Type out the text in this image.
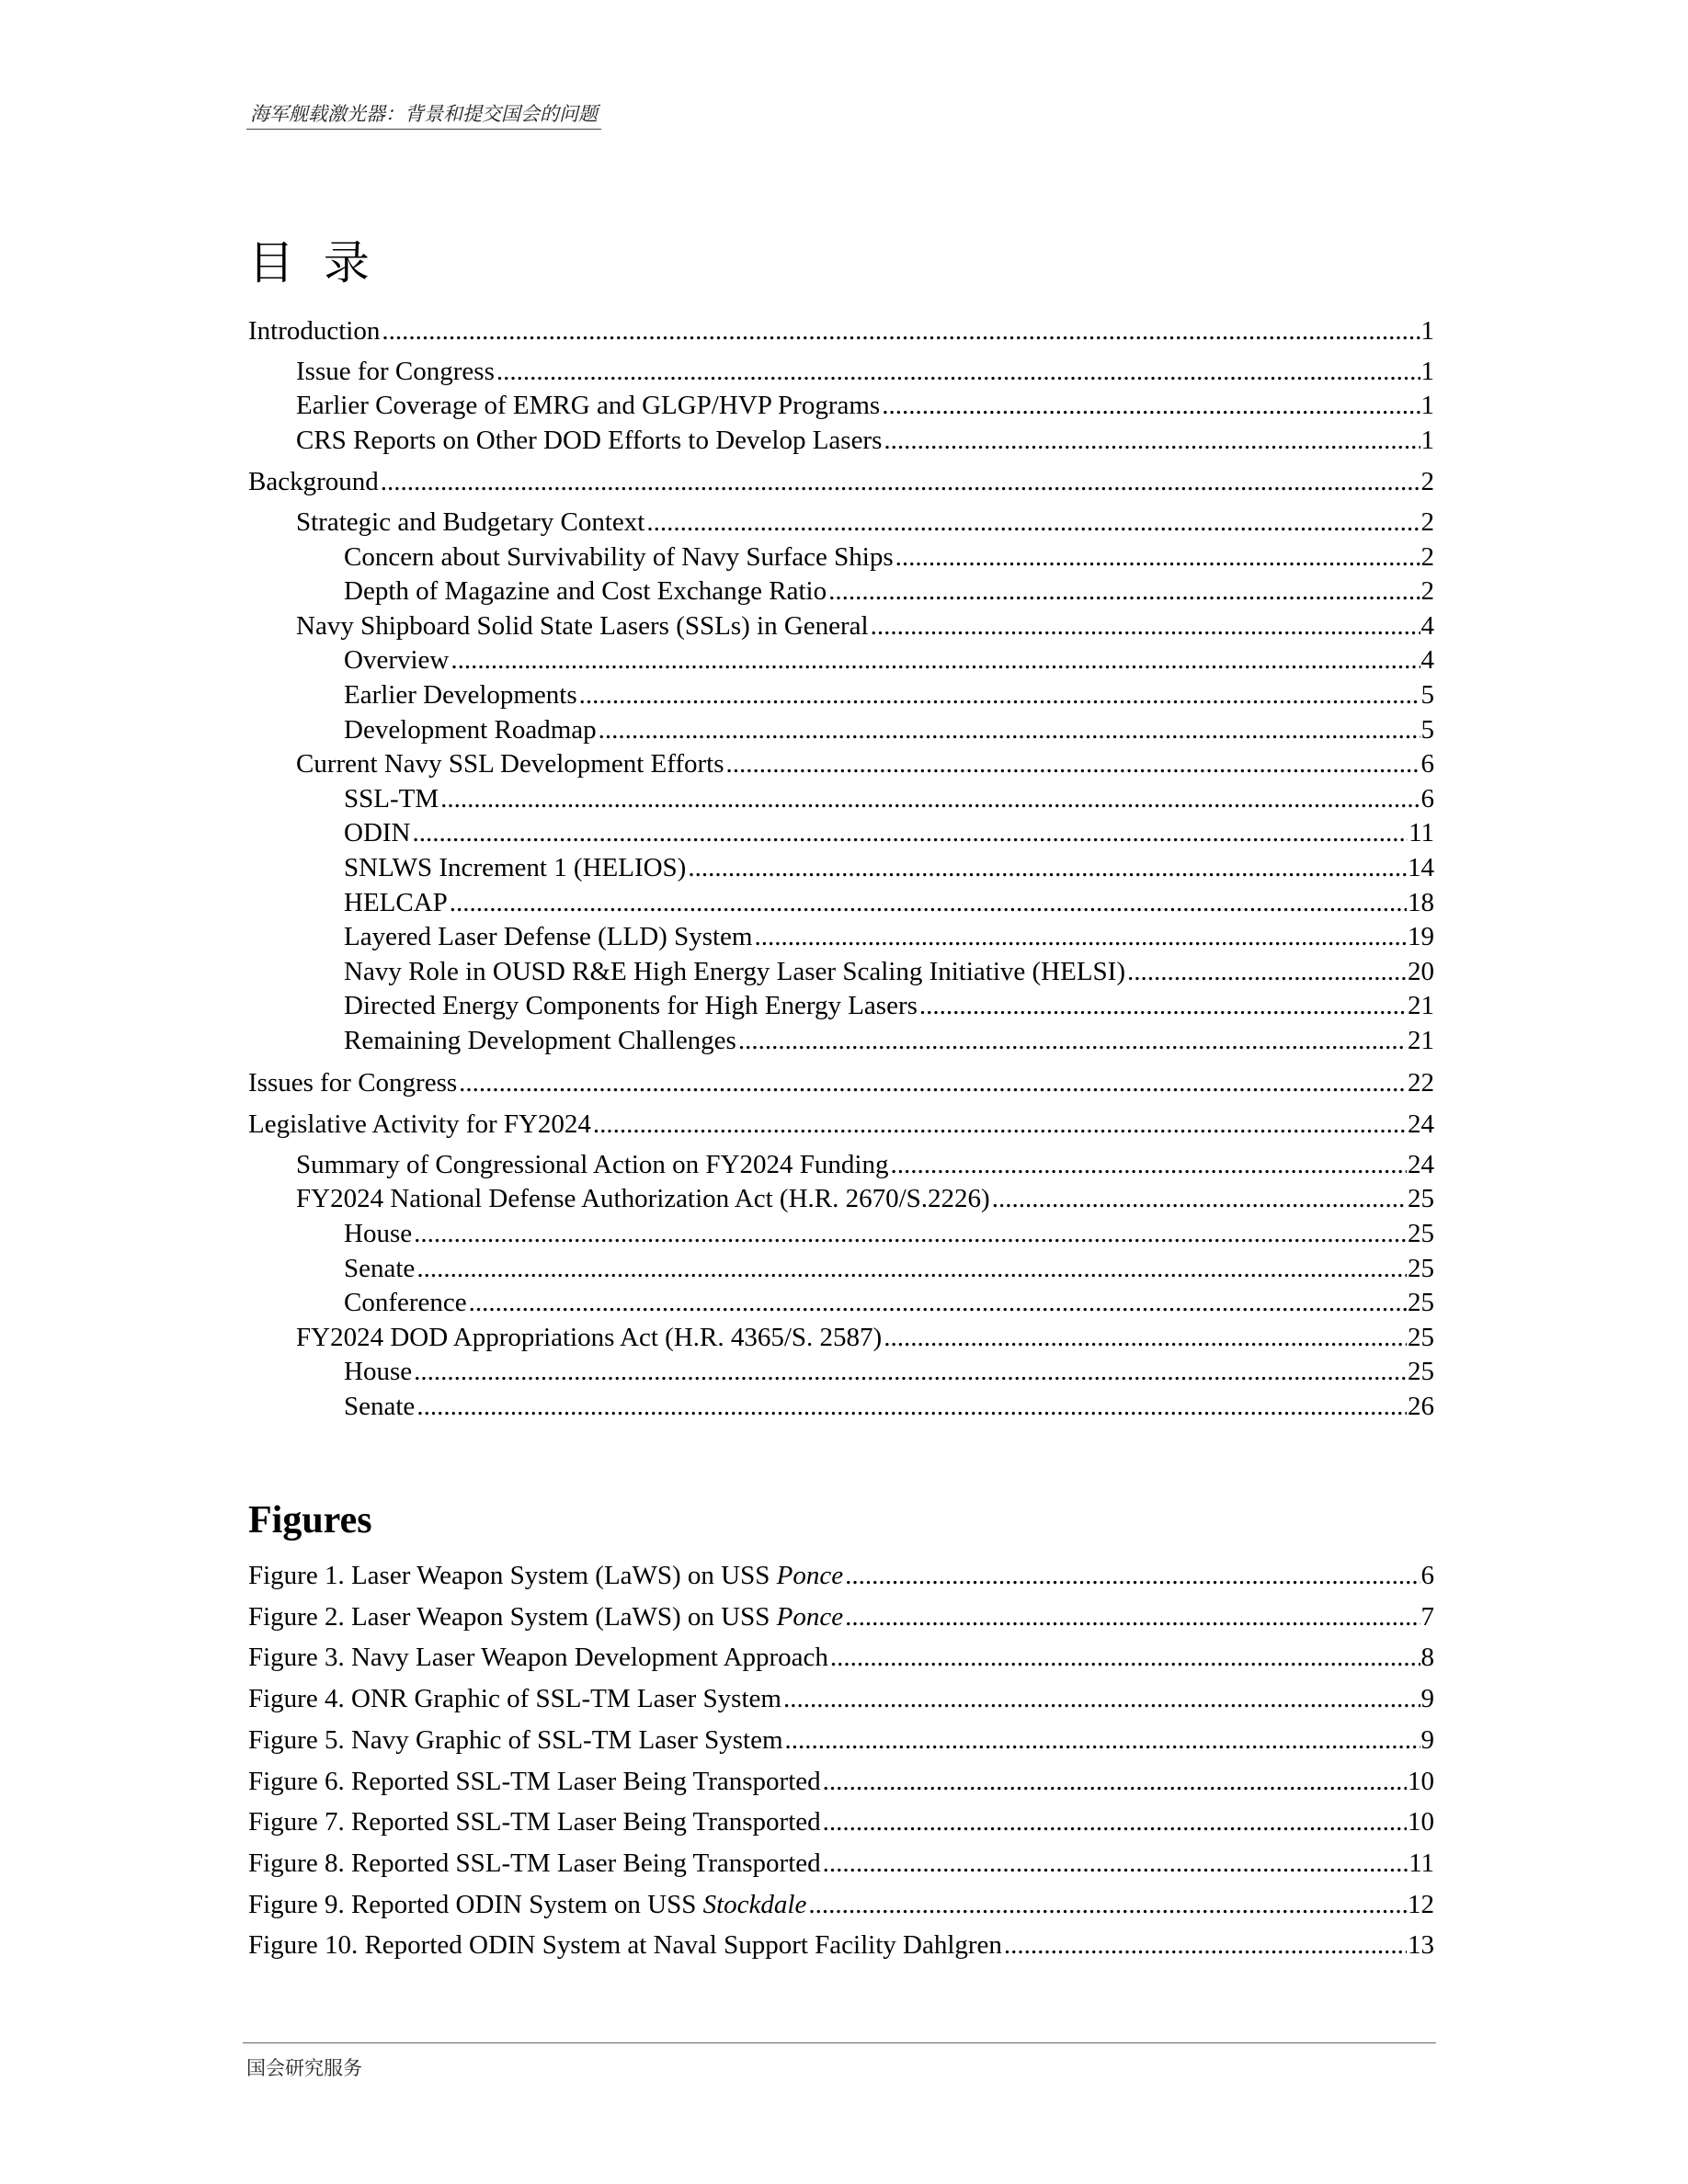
海军舰载激光器：背景和提交国会的问题
目 录
Introduction .....	1
Issue for Congress .....	1
Earlier Coverage of EMRG and GLGP/HVP Programs .....	1
CRS Reports on Other DOD Efforts to Develop Lasers .....	1
Background .....	2
Strategic and Budgetary Context .....	2
Concern about Survivability of Navy Surface Ships .....	2
Depth of Magazine and Cost Exchange Ratio .....	2
Navy Shipboard Solid State Lasers (SSLs) in General .....	4
Overview .....	4
Earlier Developments .....	5
Development Roadmap .....	5
Current Navy SSL Development Efforts .....	6
SSL-TM .....	6
ODIN .....	11
SNLWS Increment 1 (HELIOS) .....	14
HELCAP .....	18
Layered Laser Defense (LLD) System .....	19
Navy Role in OUSD R&E High Energy Laser Scaling Initiative (HELSI) .....	20
Directed Energy Components for High Energy Lasers .....	21
Remaining Development Challenges .....	21
Issues for Congress .....	22
Legislative Activity for FY2024 .....	24
Summary of Congressional Action on FY2024 Funding .....	24
FY2024 National Defense Authorization Act (H.R. 2670/S.2226) .....	25
House .....	25
Senate .....	25
Conference .....	25
FY2024 DOD Appropriations Act (H.R. 4365/S. 2587) .....	25
House .....	25
Senate .....	26
Figures
Figure 1. Laser Weapon System (LaWS) on USS Ponce .....	6
Figure 2. Laser Weapon System (LaWS) on USS Ponce .....	7
Figure 3. Navy Laser Weapon Development Approach .....	8
Figure 4. ONR Graphic of SSL-TM Laser System .....	9
Figure 5. Navy Graphic of SSL-TM Laser System .....	9
Figure 6. Reported SSL-TM Laser Being Transported .....	10
Figure 7. Reported SSL-TM Laser Being Transported .....	10
Figure 8. Reported SSL-TM Laser Being Transported .....	11
Figure 9. Reported ODIN System on USS Stockdale .....	12
Figure 10. Reported ODIN System at Naval Support Facility Dahlgren .....	13
国会研究服务
